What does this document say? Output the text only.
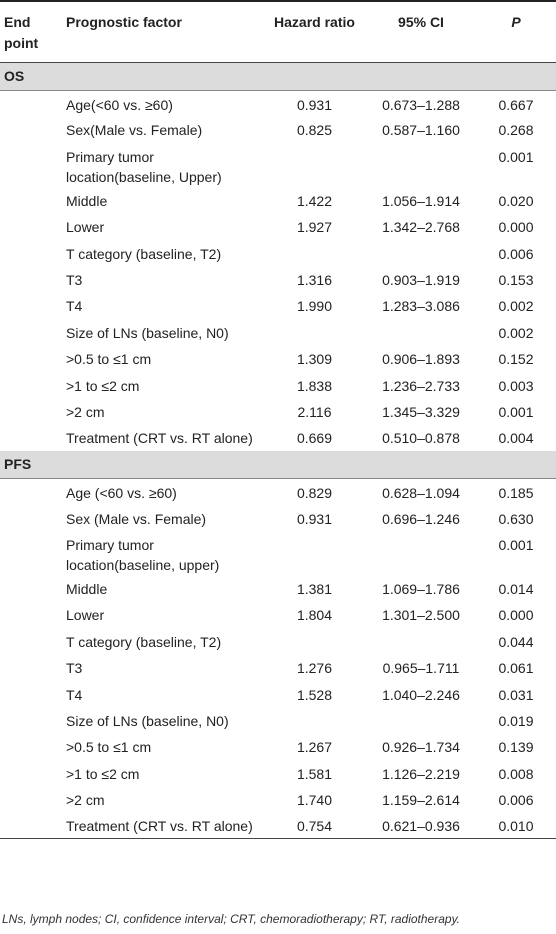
End point	Prognostic factor	Hazard ratio	95% CI	P
OS				
	Age(<60 vs. ≥60)	0.931	0.673–1.288	0.667
	Sex(Male vs. Female)	0.825	0.587–1.160	0.268
	Primary tumor location(baseline, Upper)			0.001
	Middle	1.422	1.056–1.914	0.020
	Lower	1.927	1.342–2.768	0.000
	T category (baseline, T2)			0.006
	T3	1.316	0.903–1.919	0.153
	T4	1.990	1.283–3.086	0.002
	Size of LNs (baseline, N0)			0.002
	>0.5 to ≤1 cm	1.309	0.906–1.893	0.152
	>1 to ≤2 cm	1.838	1.236–2.733	0.003
	>2 cm	2.116	1.345–3.329	0.001
	Treatment (CRT vs. RT alone)	0.669	0.510–0.878	0.004
PFS				
	Age (<60 vs. ≥60)	0.829	0.628–1.094	0.185
	Sex (Male vs. Female)	0.931	0.696–1.246	0.630
	Primary tumor location(baseline, upper)			0.001
	Middle	1.381	1.069–1.786	0.014
	Lower	1.804	1.301–2.500	0.000
	T category (baseline, T2)			0.044
	T3	1.276	0.965–1.711	0.061
	T4	1.528	1.040–2.246	0.031
	Size of LNs (baseline, N0)			0.019
	>0.5 to ≤1 cm	1.267	0.926–1.734	0.139
	>1 to ≤2 cm	1.581	1.126–2.219	0.008
	>2 cm	1.740	1.159–2.614	0.006
	Treatment (CRT vs. RT alone)	0.754	0.621–0.936	0.010
LNs, lymph nodes; CI, confidence interval; CRT, chemoradiotherapy; RT, radiotherapy.
